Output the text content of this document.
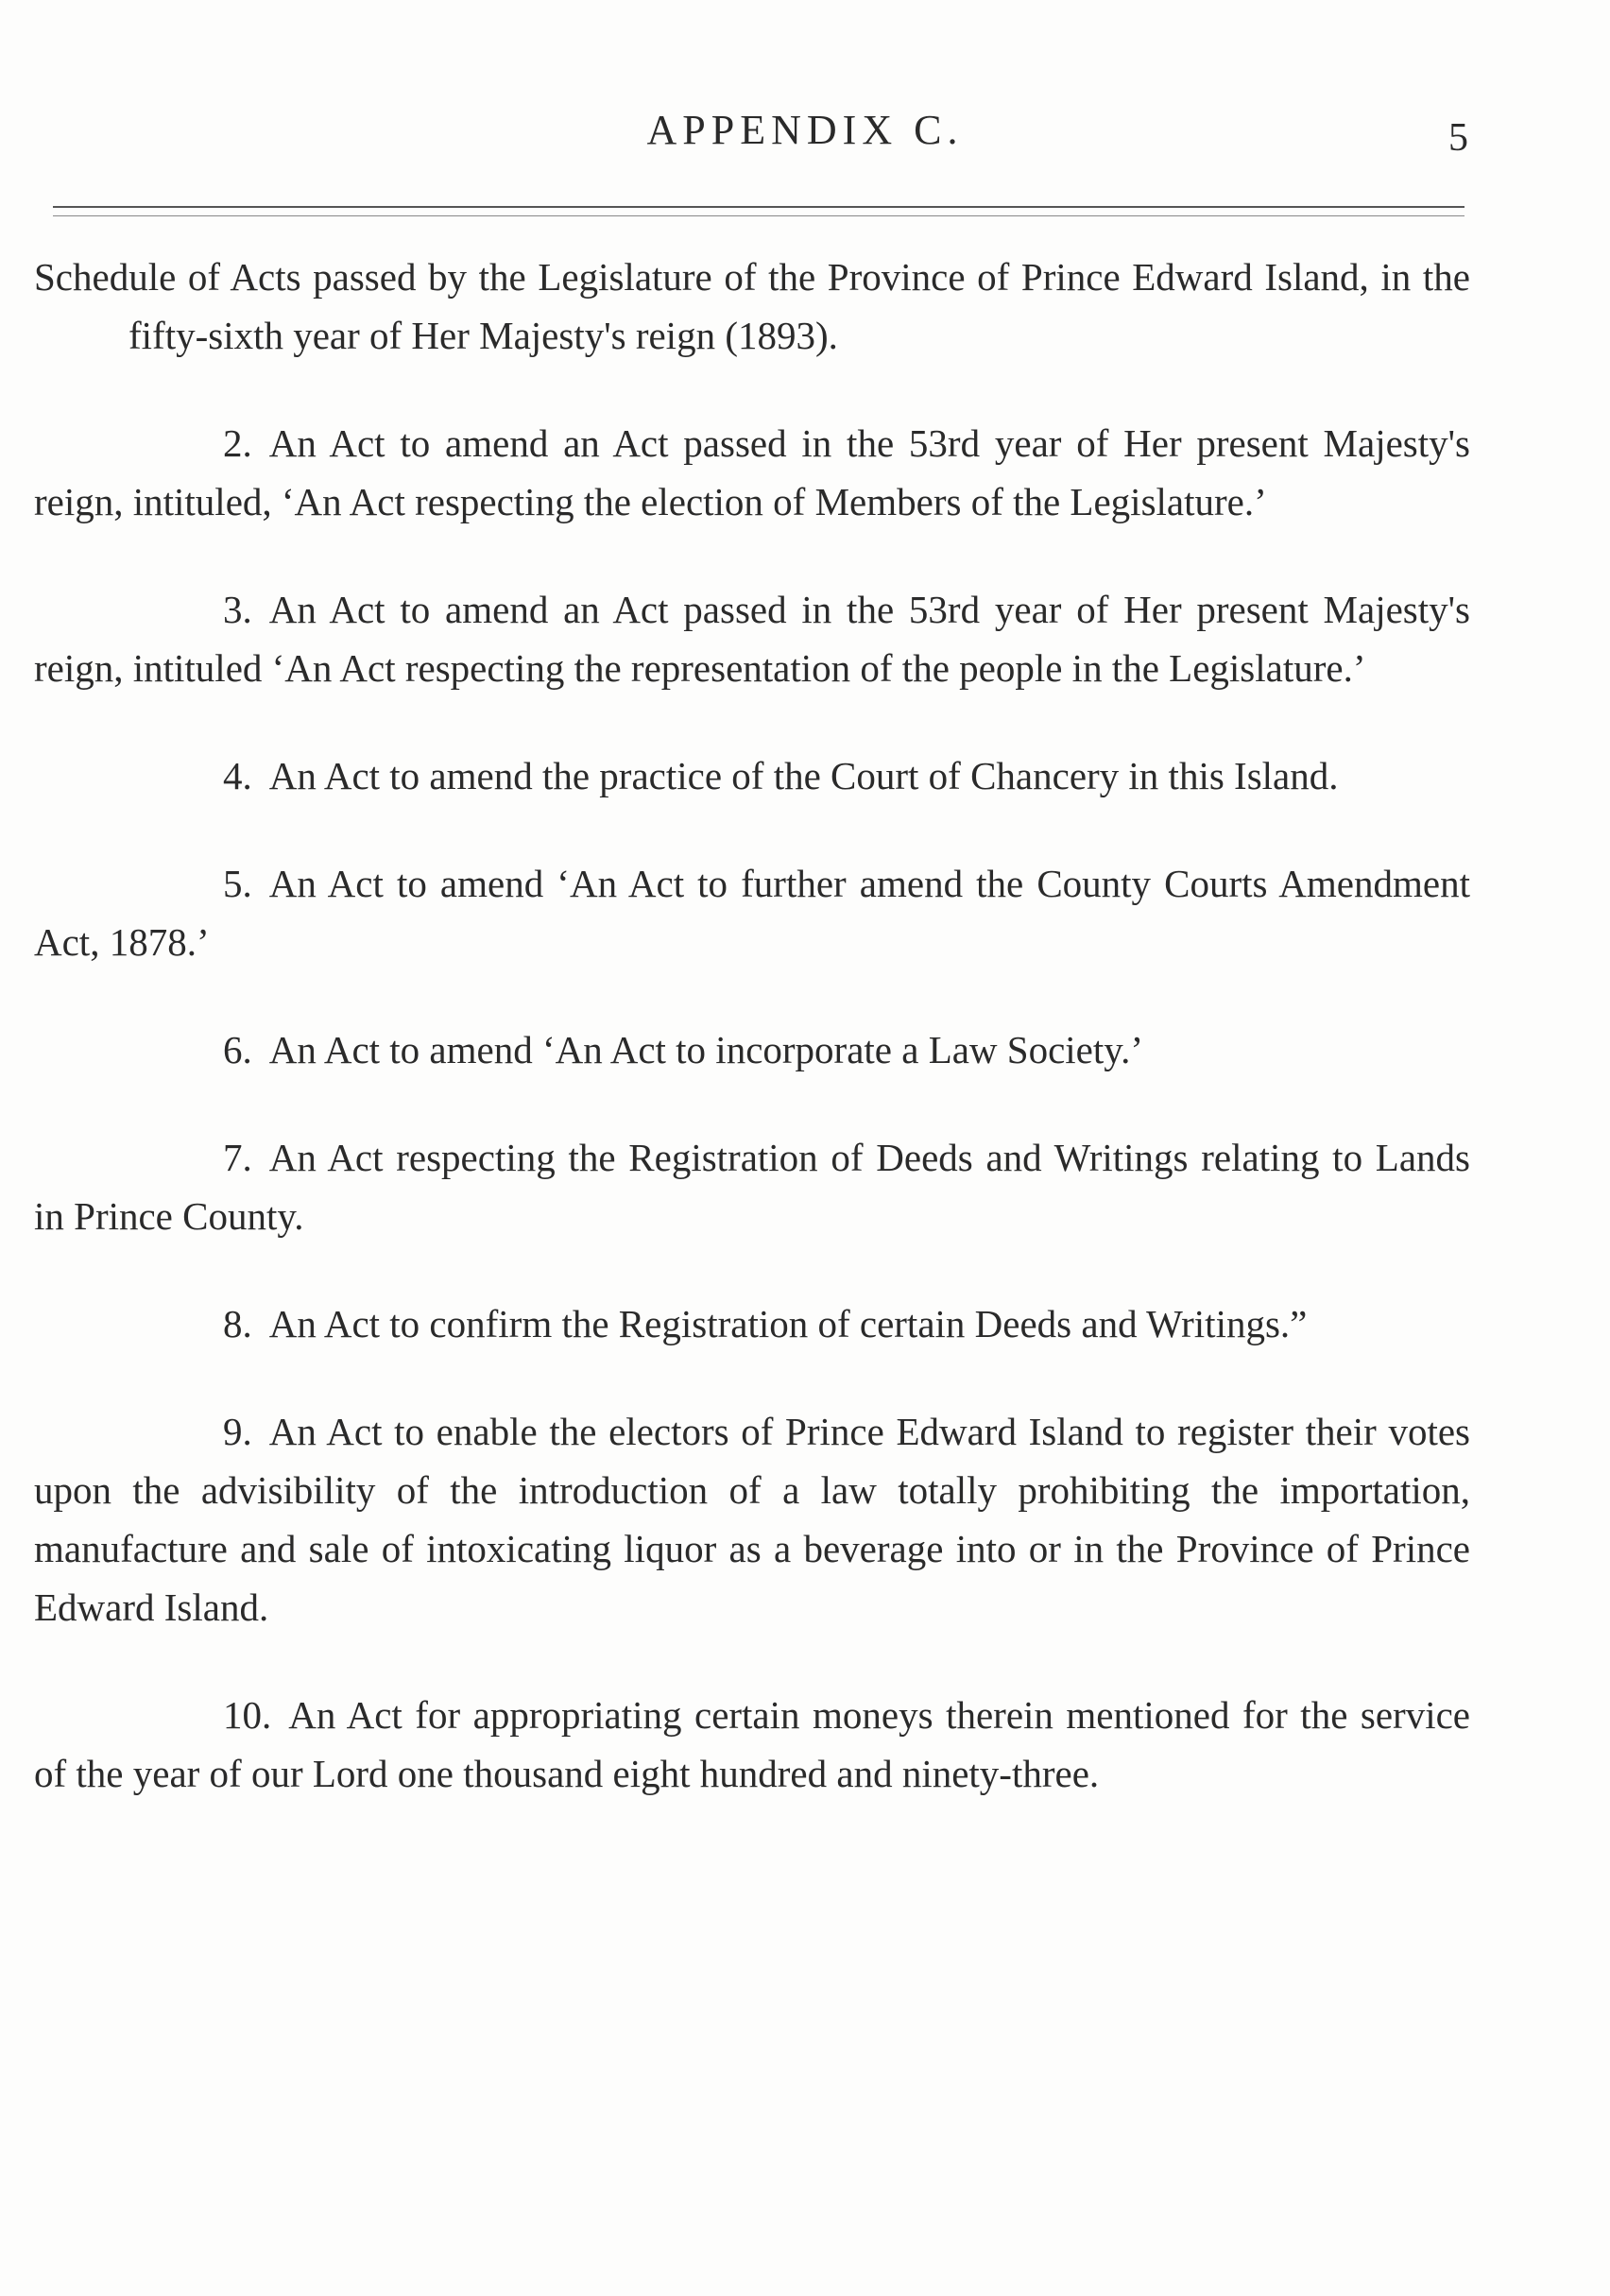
APPENDIX C.	5

Schedule of Acts passed by the Legislature of the Province of Prince Edward Island, in the fifty-sixth year of Her Majesty's reign (1893).

2. An Act to amend an Act passed in the 53rd year of Her present Majesty's reign, intituled, ‘An Act respecting the election of Members of the Legislature.’

3. An Act to amend an Act passed in the 53rd year of Her present Majesty's reign, intituled ‘An Act respecting the representation of the people in the Legislature.’

4. An Act to amend the practice of the Court of Chancery in this Island.

5. An Act to amend ‘An Act to further amend the County Courts Amendment Act, 1878.’

6. An Act to amend ‘An Act to incorporate a Law Society.’

7. An Act respecting the Registration of Deeds and Writings relating to Lands in Prince County.

8. An Act to confirm the Registration of certain Deeds and Writings.”

9. An Act to enable the electors of Prince Edward Island to register their votes upon the advisibility of the introduction of a law totally prohibiting the importation, manufacture and sale of intoxicating liquor as a beverage into or in the Province of Prince Edward Island.

10. An Act for appropriating certain moneys therein mentioned for the service of the year of our Lord one thousand eight hundred and ninety-three.
